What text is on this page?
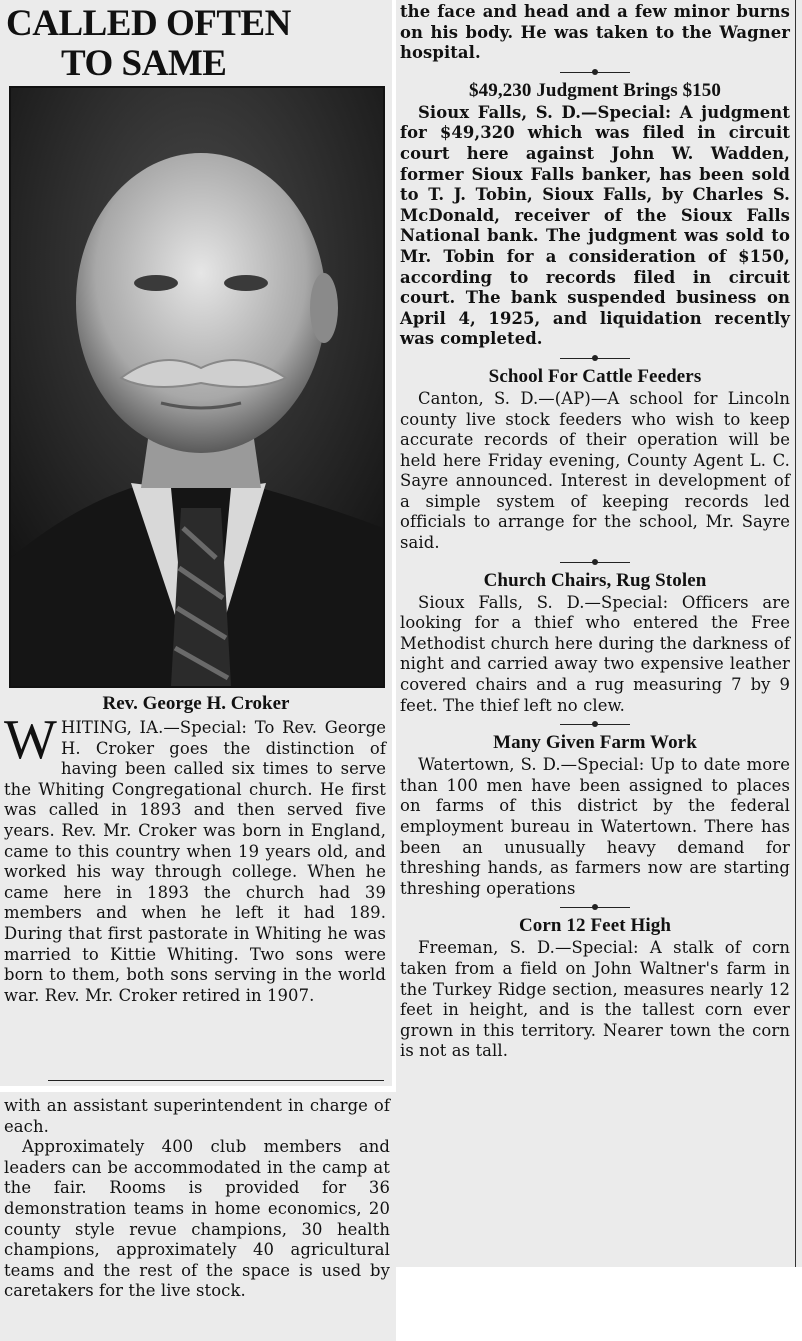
CALLED OFTEN
TO SAME
Rev. George H. Croker
WHITING, IA.—Special: To Rev. George H. Croker goes the distinction of having been called six times to serve the Whiting Congregational church. He first was called in 1893 and then served five years. Rev. Mr. Croker was born in England, came to this country when 19 years old, and worked his way through college. When he came here in 1893 the church had 39 members and when he left it had 189. During that first pastorate in Whiting he was married to Kittie Whiting. Two sons were born to them, both sons serving in the world war. Rev. Mr. Croker retired in 1907.

with an assistant superintendent in charge of each.

Approximately 400 club members and leaders can be accommodated in the camp at the fair. Rooms is provided for 36 demonstration teams in home economics, 20 county style revue champions, 30 health champions, approximately 40 agricultural teams and the rest of the space is used by caretakers for the live stock.

the face and head and a few minor burns on his body. He was taken to the Wagner hospital.

$49,230 Judgment Brings $150

Sioux Falls, S. D.—Special: A judgment for $49,320 which was filed in circuit court here against John W. Wadden, former Sioux Falls banker, has been sold to T. J. Tobin, Sioux Falls, by Charles S. McDonald, receiver of the Sioux Falls National bank. The judgment was sold to Mr. Tobin for a consideration of $150, according to records filed in circuit court. The bank suspended business on April 4, 1925, and liquidation recently was completed.

School For Cattle Feeders

Canton, S. D.—(AP)—A school for Lincoln county live stock feeders who wish to keep accurate records of their operation will be held here Friday evening, County Agent L. C. Sayre announced. Interest in development of a simple system of keeping records led officials to arrange for the school, Mr. Sayre said.

Church Chairs, Rug Stolen

Sioux Falls, S. D.—Special: Officers are looking for a thief who entered the Free Methodist church here during the darkness of night and carried away two expensive leather covered chairs and a rug measuring 7 by 9 feet. The thief left no clew.

Many Given Farm Work

Watertown, S. D.—Special: Up to date more than 100 men have been assigned to places on farms of this district by the federal employment bureau in Watertown. There has been an unusually heavy demand for threshing hands, as farmers now are starting threshing operations

Corn 12 Feet High

Freeman, S. D.—Special: A stalk of corn taken from a field on John Waltner's farm in the Turkey Ridge section, measures nearly 12 feet in height, and is the tallest corn ever grown in this territory. Nearer town the corn is not as tall.
